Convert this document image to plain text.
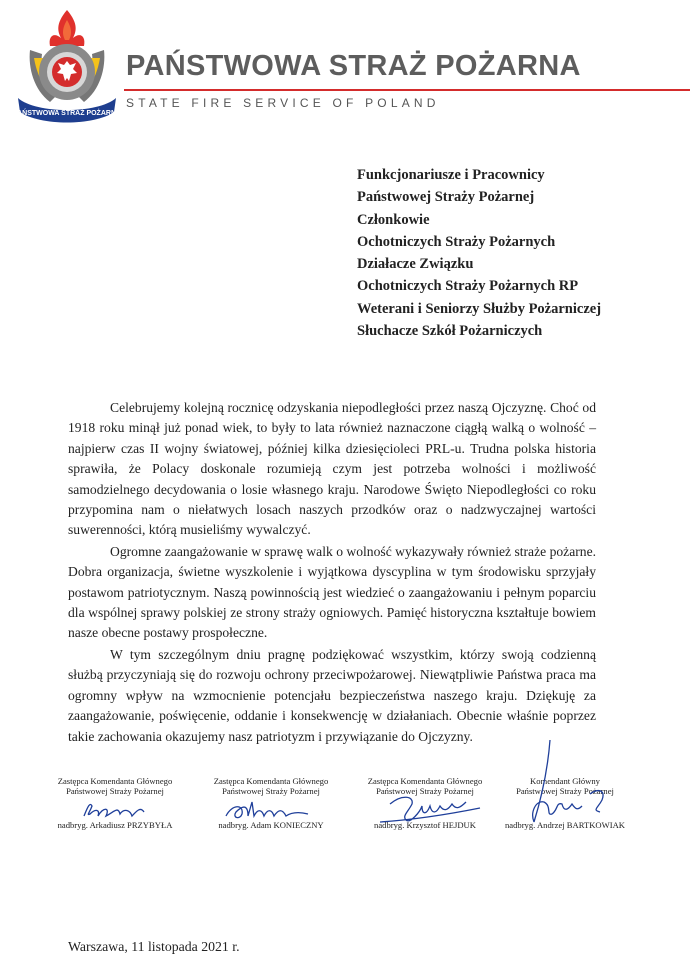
PAŃSTWOWA STRAŻ POŻARNA
PAŃSTWOWA STRAŻ POŻARNA
STATE FIRE SERVICE OF POLAND
Funkcjonariusze i Pracownicy
Państwowej Straży Pożarnej
Członkowie
Ochotniczych Straży Pożarnych
Działacze Związku
Ochotniczych Straży Pożarnych RP
Weterani i Seniorzy Służby Pożarniczej
Słuchacze Szkół Pożarniczych

Celebrujemy kolejną rocznicę odzyskania niepodległości przez naszą Ojczyznę. Choć od 1918 roku minął już ponad wiek, to były to lata również naznaczone ciągłą walką o wolność – najpierw czas II wojny światowej, później kilka dziesięcioleci PRL-u. Trudna polska historia sprawiła, że Polacy doskonale rozumieją czym jest potrzeba wolności i możliwość samodzielnego decydowania o losie własnego kraju. Narodowe Święto Niepodległości co roku przypomina nam o niełatwych losach naszych przodków oraz o nadzwyczajnej wartości suwerenności, którą musieliśmy wywalczyć.

Ogromne zaangażowanie w sprawę walk o wolność wykazywały również straże pożarne. Dobra organizacja, świetne wyszkolenie i wyjątkowa dyscyplina w tym środowisku sprzyjały postawom patriotycznym. Naszą powinnością jest wiedzieć o zaangażowaniu i pełnym poparciu dla wspólnej sprawy polskiej ze strony straży ogniowych. Pamięć historyczna kształtuje bowiem nasze obecne postawy prospołeczne.

W tym szczególnym dniu pragnę podziękować wszystkim, którzy swoją codzienną służbą przyczyniają się do rozwoju ochrony przeciwpożarowej. Niewątpliwie Państwa praca ma ogromny wpływ na wzmocnienie potencjału bezpieczeństwa naszego kraju. Dziękuję za zaangażowanie, poświęcenie, oddanie i konsekwencję w działaniach. Obecnie właśnie poprzez takie zachowania okazujemy nasz patriotyzm i przywiązanie do Ojczyzny.

Zastępca Komendanta Głównego
Państwowej Straży Pożarnej
nadbryg. Arkadiusz PRZYBYŁA
Zastępca Komendanta Głównego
Państwowej Straży Pożarnej
nadbryg. Adam KONIECZNY
Zastępca Komendanta Głównego
Państwowej Straży Pożarnej
nadbryg. Krzysztof HEJDUK
Komendant Główny
Państwowej Straży Pożarnej
nadbryg. Andrzej BARTKOWIAK
Warszawa, 11 listopada 2021 r.
